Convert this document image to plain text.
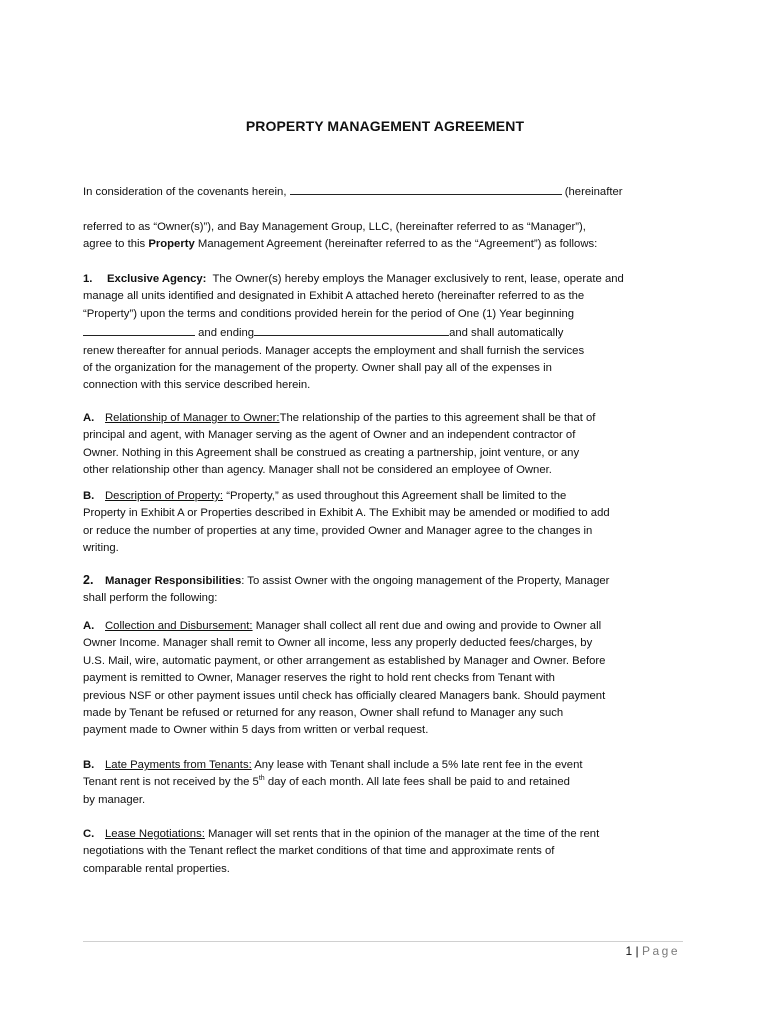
PROPERTY MANAGEMENT AGREEMENT
In consideration of the covenants herein,	(hereinafter
referred to as “Owner(s)”), and Bay Management Group, LLC, (hereinafter referred to as “Manager”),
agree to this Property Management Agreement (hereinafter referred to as the “Agreement”) as follows:
1. Exclusive Agency: The Owner(s) hereby employs the Manager exclusively to rent, lease, operate and
manage all units identified and designated in Exhibit A attached hereto (hereinafter referred to as the
“Property”) upon the terms and conditions provided herein for the period of One (1) Year beginning
and ending	and shall automatically
renew thereafter for annual periods. Manager accepts the employment and shall furnish the services
of the organization for the management of the property. Owner shall pay all of the expenses in
connection with this service described herein.
A. Relationship of Manager to Owner:The relationship of the parties to this agreement shall be that of
principal and agent, with Manager serving as the agent of Owner and an independent contractor of
Owner. Nothing in this Agreement shall be construed as creating a partnership, joint venture, or any
other relationship other than agency. Manager shall not be considered an employee of Owner.
B. Description of Property: “Property,” as used throughout this Agreement shall be limited to the
Property in Exhibit A or Properties described in Exhibit A. The Exhibit may be amended or modified to add
or reduce the number of properties at any time, provided Owner and Manager agree to the changes in
writing.
2. Manager Responsibilities: To assist Owner with the ongoing management of the Property, Manager
shall perform the following:
A. Collection and Disbursement: Manager shall collect all rent due and owing and provide to Owner all
Owner Income. Manager shall remit to Owner all income, less any properly deducted fees/charges, by
U.S. Mail, wire, automatic payment, or other arrangement as established by Manager and Owner. Before
payment is remitted to Owner, Manager reserves the right to hold rent checks from Tenant with
previous NSF or other payment issues until check has officially cleared Managers bank. Should payment
made by Tenant be refused or returned for any reason, Owner shall refund to Manager any such
payment made to Owner within 5 days from written or verbal request.
B. Late Payments from Tenants: Any lease with Tenant shall include a 5% late rent fee in the event
Tenant rent is not received by the 5th day of each month. All late fees shall be paid to and retained
by manager.
C. Lease Negotiations: Manager will set rents that in the opinion of the manager at the time of the rent
negotiations with the Tenant reflect the market conditions of that time and approximate rents of
comparable rental properties.
1 | Page
